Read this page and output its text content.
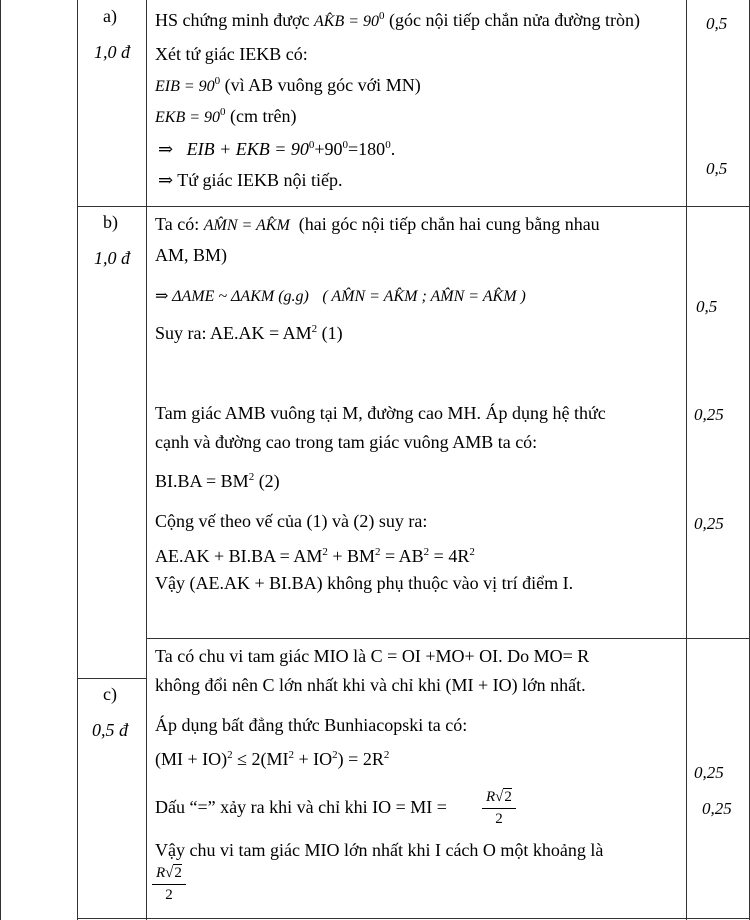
a)
1,0 đ
HS chứng minh được AK̂B = $90^0$ (góc nội tiếp chắn nửa đường tròn)
Xét tứ giác IEKB có:
EIB = $90^0$ (vì AB vuông góc với MN)
EKB = $90^0$ (cm trên)
⇒ EIB + EKB = $90^0+90^0=180^0$.
⇒ Tứ giác IEKB nội tiếp.
0,5
0,5
b)
1,0 đ
Ta có: AM̂N = AK̂M (hai góc nội tiếp chắn hai cung bằng nhau
AM, BM)
⇒ ΔAME ~ ΔAKM (g.g) ( AM̂N = AK̂M ; AM̂N = AK̂M )
Suy ra: $AE.AK = AM^2$ (1)
Tam giác AMB vuông tại M, đường cao MH. Áp dụng hệ thức
cạnh và đường cao trong tam giác vuông AMB ta có:
$BI.BA = BM^2$ (2)
Cộng vế theo vế của (1) và (2) suy ra:
$AE.AK + BI.BA = AM^2 + BM^2 = AB^2 = 4R^2$
Vậy (AE.AK + BI.BA) không phụ thuộc vào vị trí điểm I.
0,5
0,25
0,25
c)
0,5 đ
Ta có chu vi tam giác MIO là C = OI +MO+ OI. Do MO= R
không đổi nên C lớn nhất khi và chỉ khi (MI + IO) lớn nhất.
Áp dụng bất đẳng thức Bunhiacopski ta có:
$(MI + IO)^2 \le 2(MI^2 + IO^2) = 2R^2$
Dấu “=” xảy ra khi và chỉ khi IO = MI = $\frac{R√2}{2}$
Vậy chu vi tam giác MIO lớn nhất khi I cách O một khoảng là
$\frac{R√2}{2}$
0,25
0,25
